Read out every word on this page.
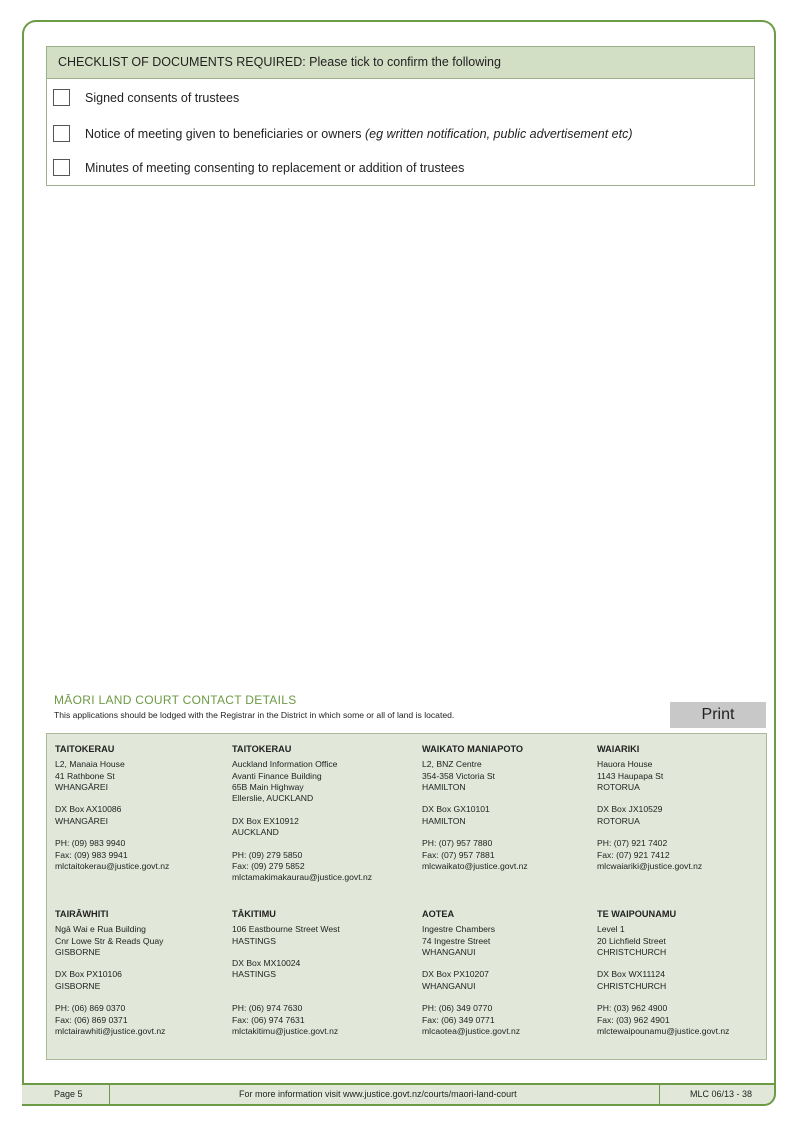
CHECKLIST OF DOCUMENTS REQUIRED: Please tick to confirm the following
Signed consents of trustees
Notice of meeting given to beneficiaries or owners (eg written notification, public advertisement etc)
Minutes of meeting consenting to replacement or addition of trustees
MĀORI LAND COURT CONTACT DETAILS
This applications should be lodged with the Registrar in the District in which some or all of land is located.	Print
TAITOKERAU
L2, Manaia House
41 Rathbone St
WHANGĀREI
DX Box AX10086
WHANGĀREI
PH: (09) 983 9940
Fax: (09) 983 9941
mlctaitokerau@justice.govt.nz
TAITOKERAU
Auckland Information Office
Avanti Finance Building
65B Main Highway
Ellerslie, AUCKLAND
DX Box EX10912
AUCKLAND
PH: (09) 279 5850
Fax: (09) 279 5852
mlctamakimakaurau@justice.govt.nz
WAIKATO MANIAPOTO
L2, BNZ Centre
354-358 Victoria St
HAMILTON
DX Box GX10101
HAMILTON
PH: (07) 957 7880
Fax: (07) 957 7881
mlcwaikato@justice.govt.nz
WAIARIKI
Hauora House
1143 Haupapa St
ROTORUA
DX Box JX10529
ROTORUA
PH: (07) 921 7402
Fax: (07) 921 7412
mlcwaiariki@justice.govt.nz
TAIRĀWHITI
Ngā Wai e Rua Building
Cnr Lowe Str & Reads Quay
GISBORNE
DX Box PX10106
GISBORNE
PH: (06) 869 0370
Fax: (06) 869 0371
mlctairawhiti@justice.govt.nz
TĀKITIMU
106 Eastbourne Street West
HASTINGS
DX Box MX10024
HASTINGS
PH: (06) 974 7630
Fax: (06) 974 7631
mlctakitimu@justice.govt.nz
AOTEA
Ingestre Chambers
74 Ingestre Street
WHANGANUI
DX Box PX10207
WHANGANUI
PH: (06) 349 0770
Fax: (06) 349 0771
mlcaotea@justice.govt.nz
TE WAIPOUNAMU
Level 1
20 Lichfield Street
CHRISTCHURCH
DX Box WX11124
CHRISTCHURCH
PH: (03) 962 4900
Fax: (03) 962 4901
mlctewaipounamu@justice.govt.nz
Page 5	For more information visit www.justice.govt.nz/courts/maori-land-court	MLC 06/13 - 38
